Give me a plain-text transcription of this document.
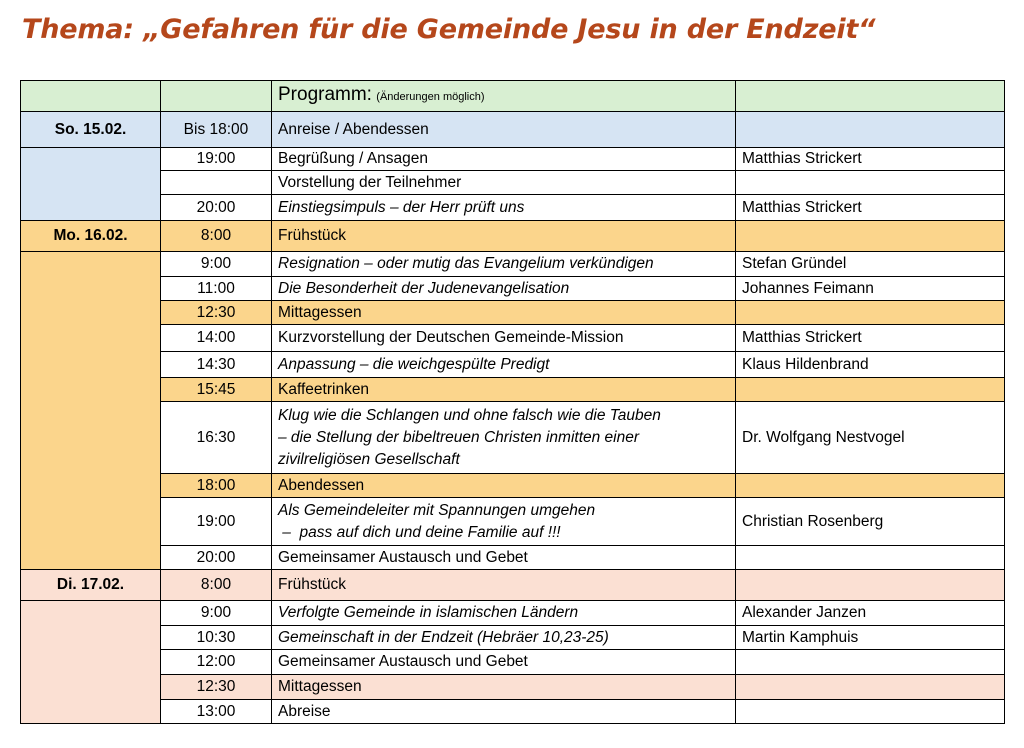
Thema: „Gefahren für die Gemeinde Jesu in der Endzeit“
		Programm: (Änderungen möglich)	
So. 15.02.	Bis 18:00	Anreise / Abendessen	
	19:00	Begrüßung / Ansagen	Matthias Strickert
		Vorstellung der Teilnehmer	
	20:00	Einstiegsimpuls – der Herr prüft uns	Matthias Strickert
Mo. 16.02.	8:00	Frühstück	
	9:00	Resignation – oder mutig das Evangelium verkündigen	Stefan Gründel
	11:00	Die Besonderheit der Judenevangelisation	Johannes Feimann
	12:30	Mittagessen	
	14:00	Kurzvorstellung der Deutschen Gemeinde-Mission	Matthias Strickert
	14:30	Anpassung – die weichgespülte Predigt	Klaus Hildenbrand
	15:45	Kaffeetrinken	
	16:30	Klug wie die Schlangen und ohne falsch wie die Tauben
– die Stellung der bibeltreuen Christen inmitten einer
zivilreligiösen Gesellschaft	Dr. Wolfgang Nestvogel
	18:00	Abendessen	
	19:00	Als Gemeindeleiter mit Spannungen umgehen
–  pass auf dich und deine Familie auf !!!	Christian Rosenberg
	20:00	Gemeinsamer Austausch und Gebet	
Di. 17.02.	8:00	Frühstück	
	9:00	Verfolgte Gemeinde in islamischen Ländern	Alexander Janzen
	10:30	Gemeinschaft in der Endzeit (Hebräer 10,23-25)	Martin Kamphuis
	12:00	Gemeinsamer Austausch und Gebet	
	12:30	Mittagessen	
	13:00	Abreise	
